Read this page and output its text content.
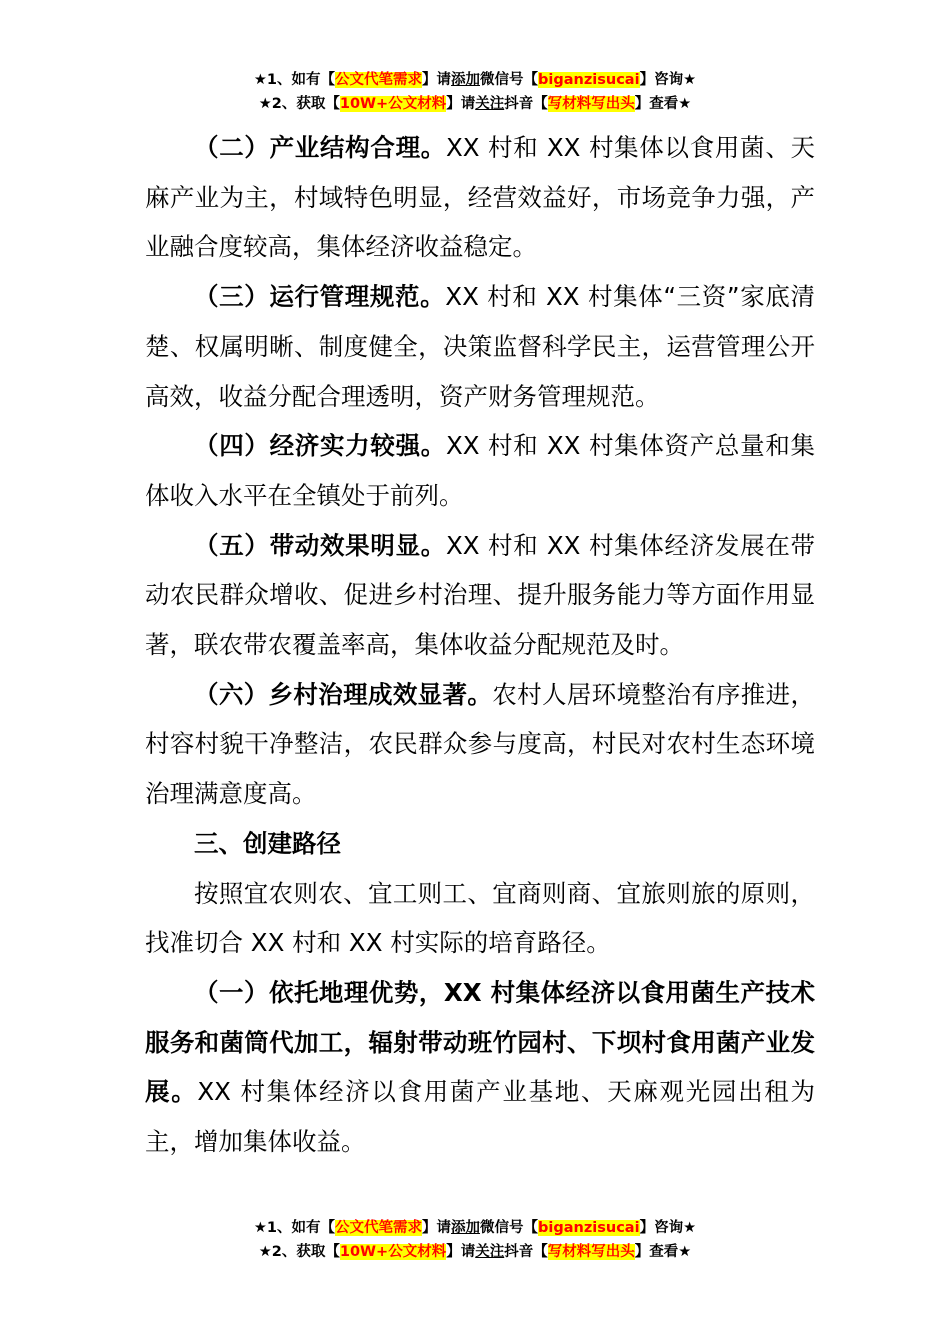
★1、如有【公文代笔需求】请添加微信号【biganzisucai】咨询★
★2、获取【10W+公文材料】请关注抖音【写材料写出头】查看★

（二）产业结构合理。XX 村和 XX 村集体以食用菌、天麻产业为主，村域特色明显，经营效益好，市场竞争力强，产业融合度较高，集体经济收益稳定。

（三）运行管理规范。XX 村和 XX 村集体“三资”家底清楚、权属明晰、制度健全，决策监督科学民主，运营管理公开高效，收益分配合理透明，资产财务管理规范。

（四）经济实力较强。XX 村和 XX 村集体资产总量和集体收入水平在全镇处于前列。

（五）带动效果明显。XX 村和 XX 村集体经济发展在带动农民群众增收、促进乡村治理、提升服务能力等方面作用显著，联农带农覆盖率高，集体收益分配规范及时。

（六）乡村治理成效显著。农村人居环境整治有序推进，村容村貌干净整洁，农民群众参与度高，村民对农村生态环境治理满意度高。

三、创建路径

按照宜农则农、宜工则工、宜商则商、宜旅则旅的原则，找准切合 XX 村和 XX 村实际的培育路径。

（一）依托地理优势，XX 村集体经济以食用菌生产技术服务和菌筒代加工，辐射带动班竹园村、下坝村食用菌产业发展。XX 村集体经济以食用菌产业基地、天麻观光园出租为主，增加集体收益。

★1、如有【公文代笔需求】请添加微信号【biganzisucai】咨询★
★2、获取【10W+公文材料】请关注抖音【写材料写出头】查看★
